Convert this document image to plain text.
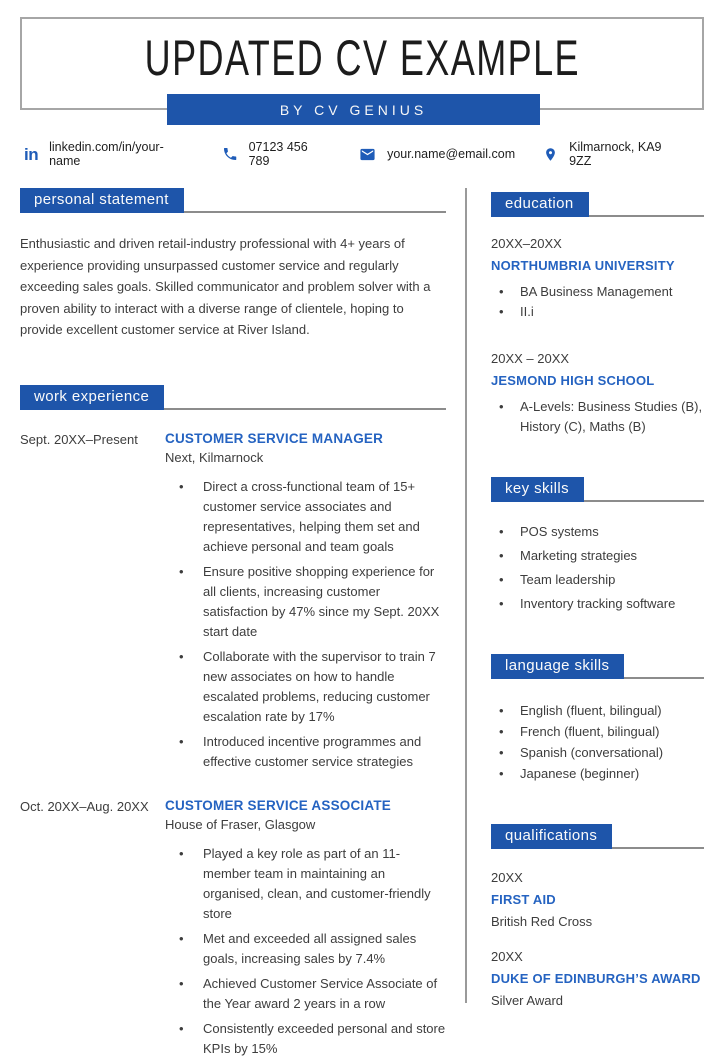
UPDATED CV EXAMPLE
BY CV GENIUS
in linkedin.com/in/your-name
07123 456 789	your.name@email.com	Kilmarnock, KA9 9ZZ
personal statement

Enthusiastic and driven retail-industry professional with 4+ years of experience providing unsurpassed customer service and regularly exceeding sales goals. Skilled communicator and problem solver with a proven ability to interact with a diverse range of clientele, hoping to provide excellent customer service at River Island.

work experience
Sept. 20XX–Present	CUSTOMER SERVICE MANAGER
Next, Kilmarnock
• Direct a cross-functional team of 15+ customer service associates and representatives, helping them set and achieve personal and team goals
• Ensure positive shopping experience for all clients, increasing customer satisfaction by 47% since my Sept. 20XX start date
• Collaborate with the supervisor to train 7 new associates on how to handle escalated problems, reducing customer escalation rate by 17%
• Introduced incentive programmes and effective customer service strategies
Oct. 20XX–Aug. 20XX	CUSTOMER SERVICE ASSOCIATE
House of Fraser, Glasgow
• Played a key role as part of an 11-member team in maintaining an organised, clean, and customer-friendly store
• Met and exceeded all assigned sales goals, increasing sales by 7.4%
• Achieved Customer Service Associate of the Year award 2 years in a row
• Consistently exceeded personal and store KPIs by 15%
education
20XX–20XX
NORTHUMBRIA UNIVERSITY
• BA Business Management
• II.i
20XX – 20XX
JESMOND HIGH SCHOOL
• A-Levels: Business Studies (B), History (C), Maths (B)
key skills
• POS systems
• Marketing strategies
• Team leadership
• Inventory tracking software
language skills
• English (fluent, bilingual)
• French (fluent, bilingual)
• Spanish (conversational)
• Japanese (beginner)
qualifications
20XX
FIRST AID
British Red Cross
20XX
DUKE OF EDINBURGH’S AWARD
Silver Award
